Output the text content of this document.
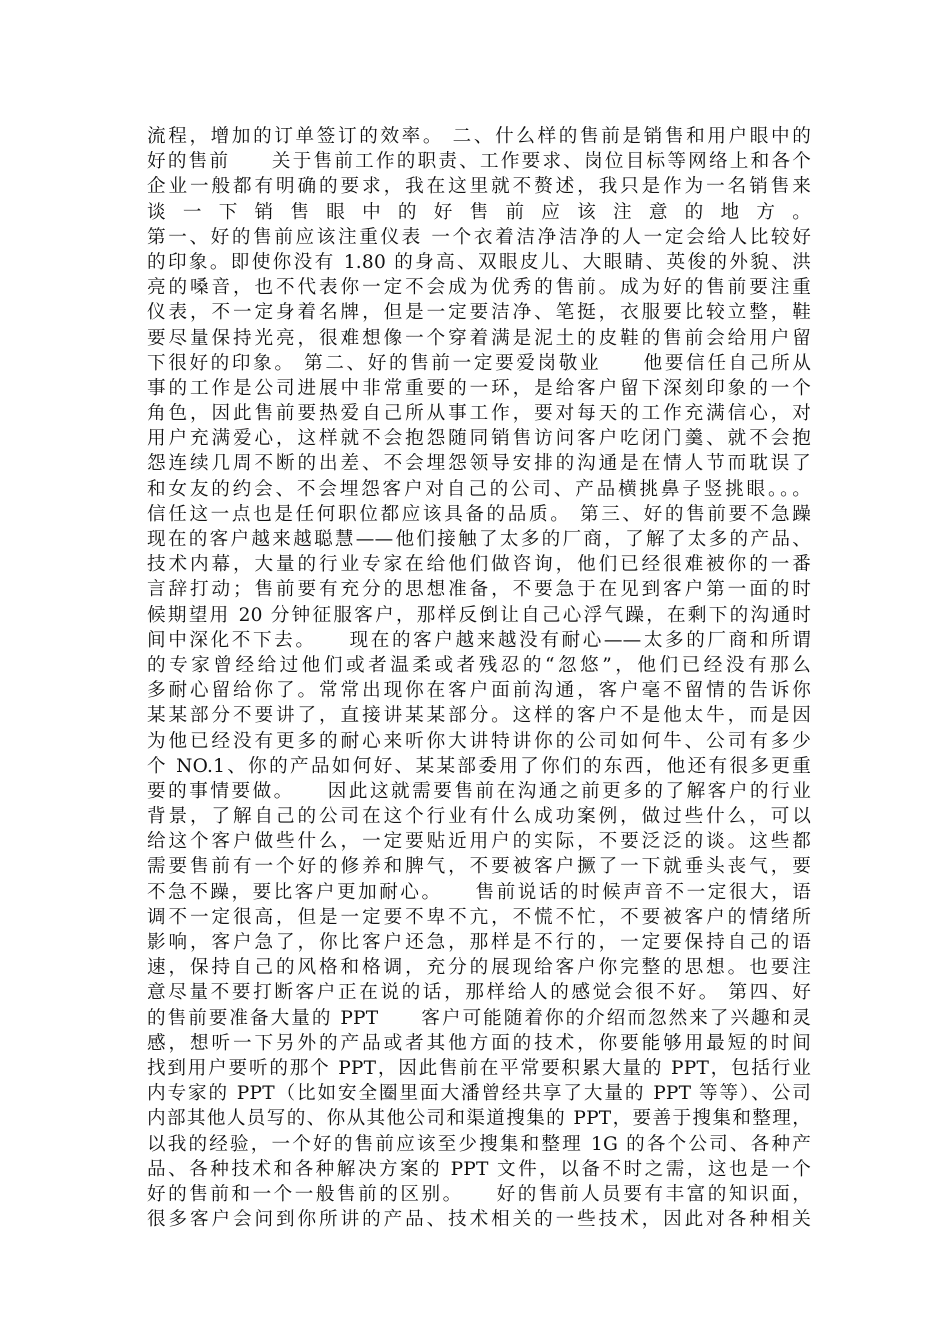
流程，增加的订单签订的效率。 二、什么样的售前是销售和用户眼中的
好的售前　　关于售前工作的职责、工作要求、岗位目标等网络上和各个
企业一般都有明确的要求，我在这里就不赘述，我只是作为一名销售来
谈一下销售眼中的好售前应该注意的地方。
第一、好的售前应该注重仪表 一个衣着洁净洁净的人一定会给人比较好
的印象。即使你没有 1.80 的身高、双眼皮儿、大眼睛、英俊的外貌、洪
亮的嗓音，也不代表你一定不会成为优秀的售前。成为好的售前要注重
仪表，不一定身着名牌，但是一定要洁净、笔挺，衣服要比较立整，鞋
要尽量保持光亮，很难想像一个穿着满是泥土的皮鞋的售前会给用户留
下很好的印象。 第二、好的售前一定要爱岗敬业　　他要信任自己所从
事的工作是公司进展中非常重要的一环，是给客户留下深刻印象的一个
角色，因此售前要热爱自己所从事工作，要对每天的工作充满信心，对
用户充满爱心，这样就不会抱怨随同销售访问客户吃闭门羹、就不会抱
怨连续几周不断的出差、不会埋怨领导安排的沟通是在情人节而耽误了
和女友的约会、不会埋怨客户对自己的公司、产品横挑鼻子竖挑眼。。。
信任这一点也是任何职位都应该具备的品质。 第三、好的售前要不急躁
现在的客户越来越聪慧——他们接触了太多的厂商，了解了太多的产品、
技术内幕，大量的行业专家在给他们做咨询，他们已经很难被你的一番
言辞打动；售前要有充分的思想准备，不要急于在见到客户第一面的时
候期望用 20 分钟征服客户，那样反倒让自己心浮气躁，在剩下的沟通时
间中深化不下去。　　现在的客户越来越没有耐心——太多的厂商和所谓
的专家曾经给过他们或者温柔或者残忍的“忽悠”，他们已经没有那么
多耐心留给你了。常常出现你在客户面前沟通，客户毫不留情的告诉你
某某部分不要讲了，直接讲某某部分。这样的客户不是他太牛，而是因
为他已经没有更多的耐心来听你大讲特讲你的公司如何牛、公司有多少
个 NO.1、你的产品如何好、某某部委用了你们的东西，他还有很多更重
要的事情要做。　　因此这就需要售前在沟通之前更多的了解客户的行业
背景，了解自己的公司在这个行业有什么成功案例，做过些什么，可以
给这个客户做些什么，一定要贴近用户的实际，不要泛泛的谈。这些都
需要售前有一个好的修养和脾气，不要被客户撅了一下就垂头丧气，要
不急不躁，要比客户更加耐心。　　售前说话的时候声音不一定很大，语
调不一定很高，但是一定要不卑不亢，不慌不忙，不要被客户的情绪所
影响，客户急了，你比客户还急，那样是不行的，一定要保持自己的语
速，保持自己的风格和格调，充分的展现给客户你完整的思想。也要注
意尽量不要打断客户正在说的话，那样给人的感觉会很不好。 第四、好
的售前要准备大量的 PPT　　客户可能随着你的介绍而忽然来了兴趣和灵
感，想听一下另外的产品或者其他方面的技术，你要能够用最短的时间
找到用户要听的那个 PPT，因此售前在平常要积累大量的 PPT，包括行业
内专家的 PPT（比如安全圈里面大潘曾经共享了大量的 PPT 等等）、公司
内部其他人员写的、你从其他公司和渠道搜集的 PPT，要善于搜集和整理，
以我的经验，一个好的售前应该至少搜集和整理 1G 的各个公司、各种产
品、各种技术和各种解决方案的 PPT 文件，以备不时之需，这也是一个
好的售前和一个一般售前的区别。　　好的售前人员要有丰富的知识面，
很多客户会问到你所讲的产品、技术相关的一些技术，因此对各种相关
